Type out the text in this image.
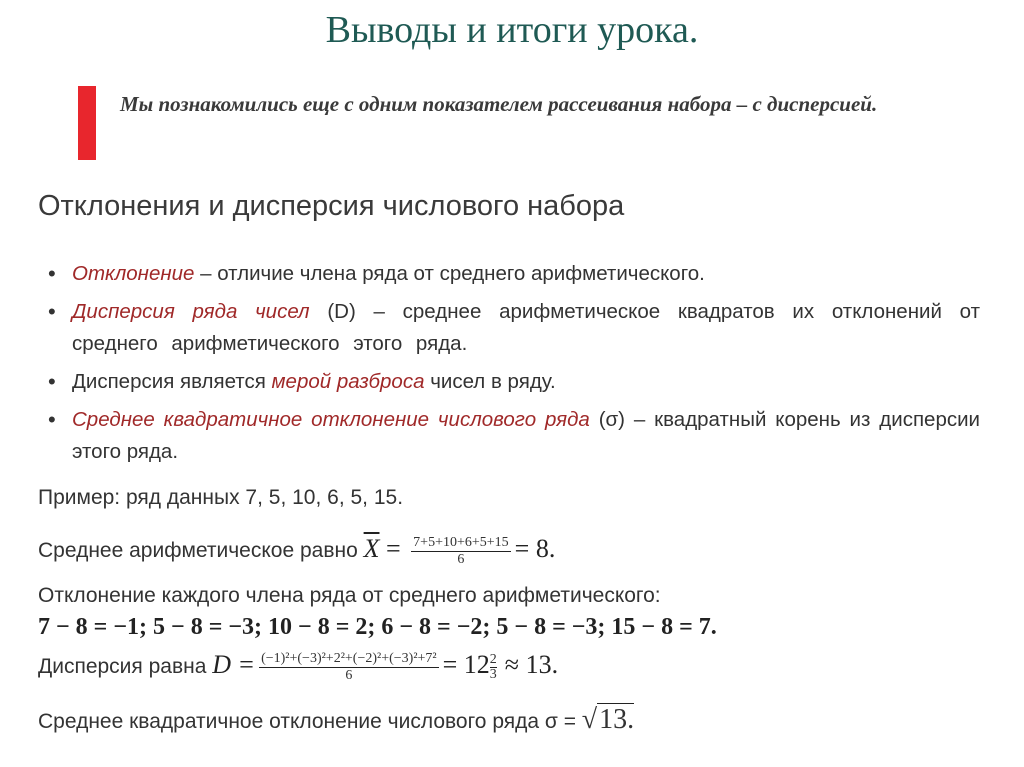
Выводы и итоги урока.
Мы познакомились еще с одним показателем рассеивания набора – с дисперсией.
Отклонения и дисперсия числового набора
• Отклонение – отличие члена ряда от среднего арифметического.
• Дисперсия ряда чисел (D) – среднее арифметическое квадратов их отклонений от среднего арифметического этого ряда.
• Дисперсия является мерой разброса чисел в ряду.
• Среднее квадратичное отклонение числового ряда (σ) – квадратный корень из дисперсии этого ряда.
Пример: ряд данных 7, 5, 10, 6, 5, 15.
Среднее арифметическое равно $\overline{X} = \frac{7+5+10+6+5+15}{6} = 8$.
Отклонение каждого члена ряда от среднего арифметического:
7 − 8 = −1; 5 − 8 = −3; 10 − 8 = 2; 6 − 8 = −2; 5 − 8 = −3; 15 − 8 = 7.
Дисперсия равна $D = \frac{\text{(−1)²+(−3)²+2²+(−2)²+(−3)²+7²}}{6} = 12 \frac{2}{3} \approx 13$.
Среднее квадратичное отклонение числового ряда σ = √13.
